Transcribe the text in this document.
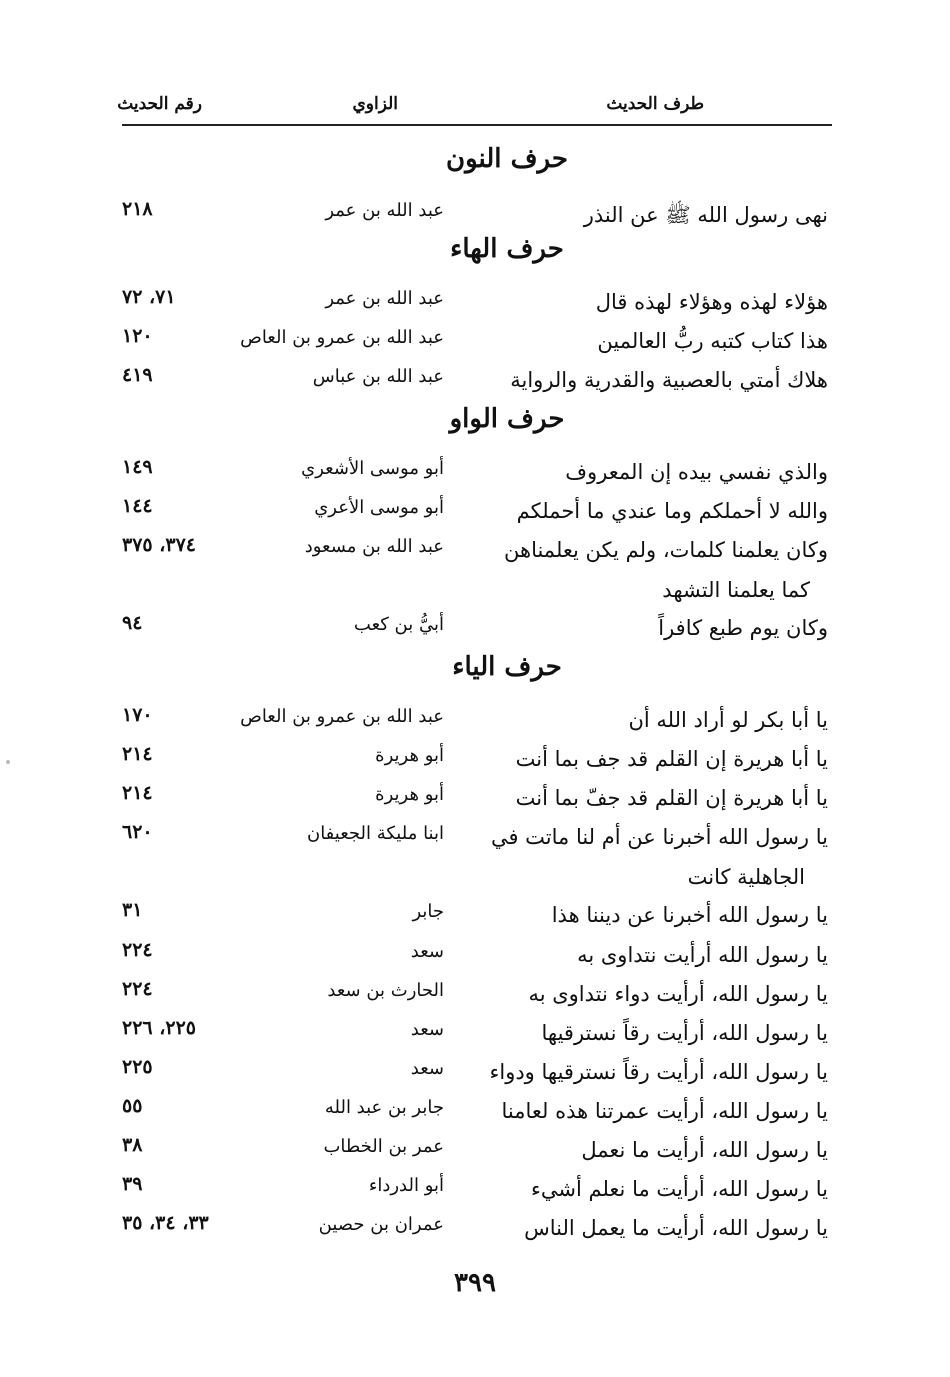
طرف الحديث
الزاوي
رقم الحديث
حرف النون
نهى رسول الله ﷺ عن النذر
عبد الله بن عمر
٢١٨
حرف الهاء
هؤلاء لهذه وهؤلاء لهذه قال
عبد الله بن عمر
٧١، ٧٢
هذا كتاب كتبه ربُّ العالمين
عبد الله بن عمرو بن العاص
١٢٠
هلاك أمتي بالعصبية والقدرية والرواية
عبد الله بن عباس
٤١٩
حرف الواو
والذي نفسي بيده إن المعروف
أبو موسى الأشعري
١٤٩
والله لا أحملكم وما عندي ما أحملكم
أبو موسى الأعري
١٤٤
وكان يعلمنا كلمات، ولم يكن يعلمناهن
عبد الله بن مسعود
٣٧٤، ٣٧٥
كما يعلمنا التشهد
وكان يوم طبع كافراً
أبيُّ بن كعب
٩٤
حرف الياء
يا أبا بكر لو أراد الله أن
عبد الله بن عمرو بن العاص
١٧٠
يا أبا هريرة إن القلم قد جف بما أنت
أبو هريرة
٢١٤
يا أبا هريرة إن القلم قد جفّ بما أنت
أبو هريرة
٢١٤
يا رسول الله أخبرنا عن أم لنا ماتت في
ابنا مليكة الجعيفان
٦٢٠
الجاهلية كانت
يا رسول الله أخبرنا عن ديننا هذا
جابر
٣١
يا رسول الله أرأيت نتداوى به
سعد
٢٢٤
يا رسول الله، أرأيت دواء نتداوى به
الحارث بن سعد
٢٢٤
يا رسول الله، أرأيت رقاً نسترقيها
سعد
٢٢٥، ٢٢٦
يا رسول الله، أرأيت رقاً نسترقيها ودواء
سعد
٢٢٥
يا رسول الله، أرأيت عمرتنا هذه لعامنا
جابر بن عبد الله
٥٥
يا رسول الله، أرأيت ما نعمل
عمر بن الخطاب
٣٨
يا رسول الله، أرأيت ما نعلم أشيء
أبو الدرداء
٣٩
يا رسول الله، أرأيت ما يعمل الناس
عمران بن حصين
٣٣، ٣٤، ٣٥
٣٩٩
